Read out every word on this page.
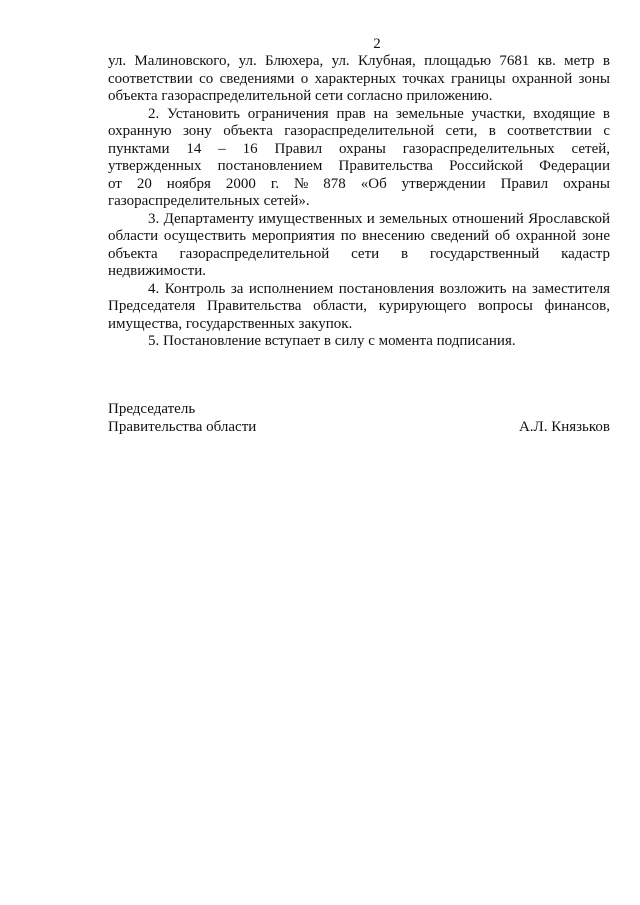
2
ул. Малиновского, ул. Блюхера, ул. Клубная, площадью 7681 кв. метр в
соответствии со сведениями о характерных точках границы охранной зоны
объекта газораспределительной сети согласно приложению.
2. Установить ограничения прав на земельные участки, входящие в
охранную зону объекта газораспределительной сети, в соответствии с
пунктами 14 – 16 Правил охраны газораспределительных сетей,
утвержденных постановлением Правительства Российской Федерации
от 20 ноября 2000 г. № 878 «Об утверждении Правил охраны
газораспределительных сетей».
3. Департаменту имущественных и земельных отношений Ярославской
области осуществить мероприятия по внесению сведений об охранной зоне
объекта газораспределительной сети в государственный кадастр
недвижимости.
4. Контроль за исполнением постановления возложить на заместителя
Председателя Правительства области, курирующего вопросы финансов,
имущества, государственных закупок.
5. Постановление вступает в силу с момента подписания.
Председатель
Правительства области	А.Л. Князьков
